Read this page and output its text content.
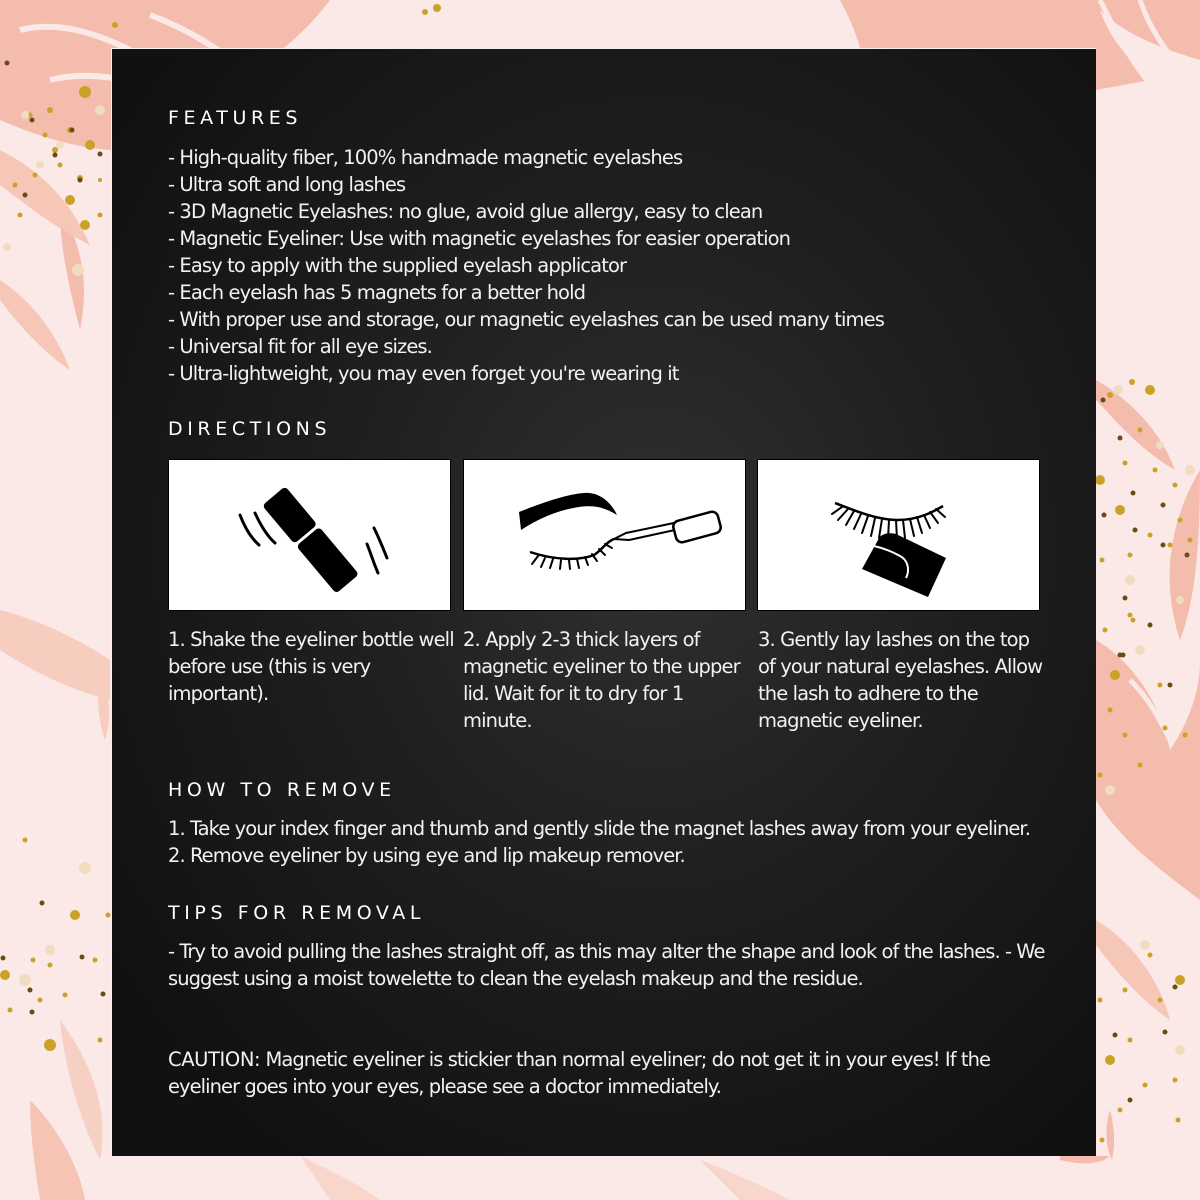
FEATURES
- High-quality fiber, 100% handmade magnetic eyelashes
- Ultra soft and long lashes
- 3D Magnetic Eyelashes: no glue, avoid glue allergy, easy to clean
- Magnetic Eyeliner: Use with magnetic eyelashes for easier operation
- Easy to apply with the supplied eyelash applicator
- Each eyelash has 5 magnets for a better hold
- With proper use and storage, our magnetic eyelashes can be used many times
- Universal fit for all eye sizes.
- Ultra-lightweight, you may even forget you're wearing it
DIRECTIONS
1. Shake the eyeliner bottle well before use (this is very important).
2. Apply 2-3 thick layers of magnetic eyeliner to the upper lid. Wait for it to dry for 1 minute.
3. Gently lay lashes on the top of your natural eyelashes. Allow the lash to adhere to the magnetic eyeliner.
HOW TO REMOVE

1. Take your index finger and thumb and gently slide the magnet lashes away from your eyeliner. 2. Remove eyeliner by using eye and lip makeup remover.

TIPS FOR REMOVAL

- Try to avoid pulling the lashes straight off, as this may alter the shape and look of the lashes. - We suggest using a moist towelette to clean the eyelash makeup and the residue.

CAUTION: Magnetic eyeliner is stickier than normal eyeliner; do not get it in your eyes! If the eyeliner goes into your eyes, please see a doctor immediately.
